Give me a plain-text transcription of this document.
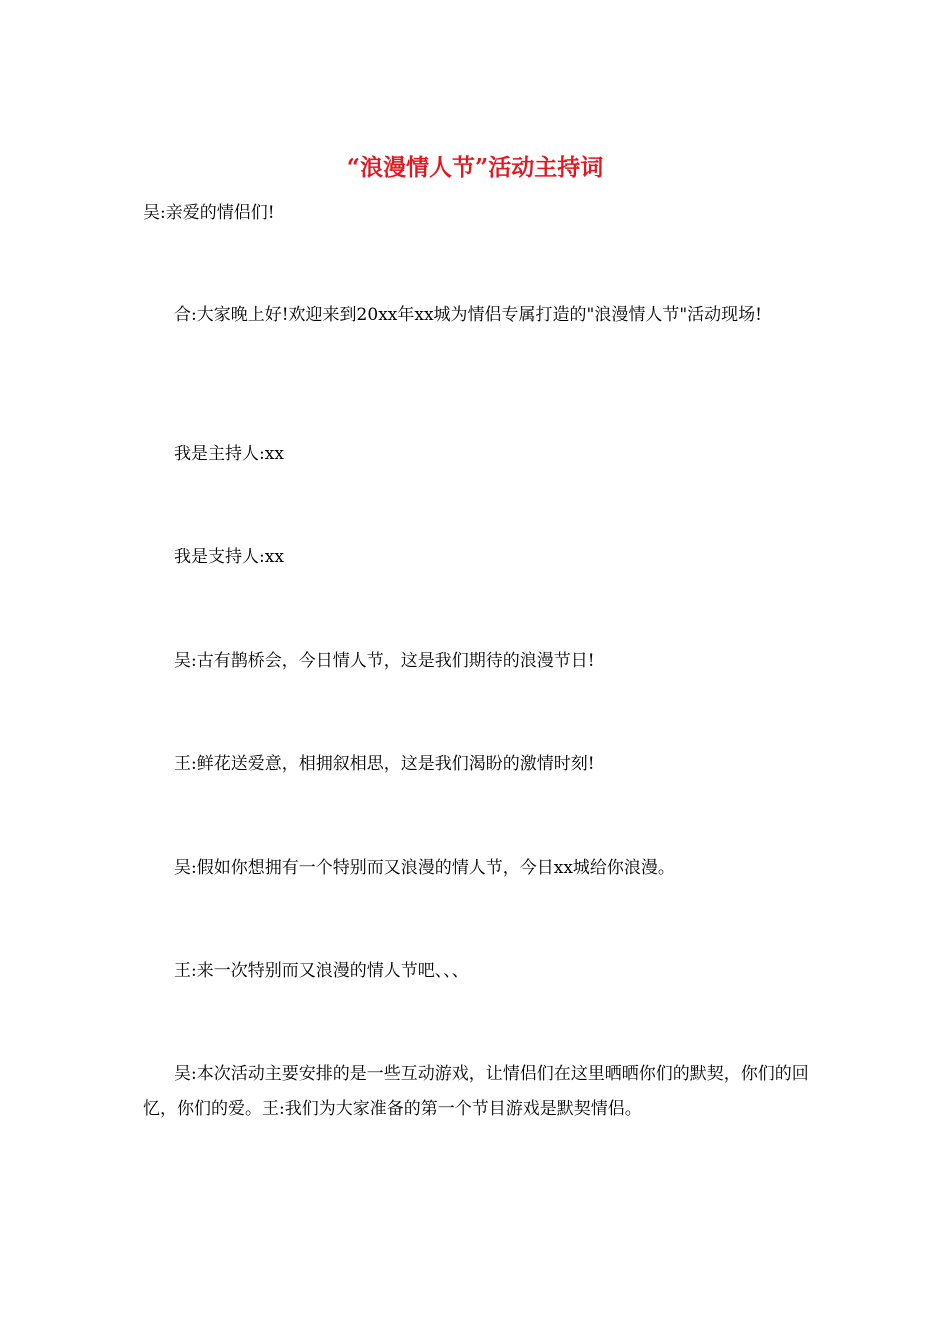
“浪漫情人节”活动主持词
吴:亲爱的情侣们!
合:大家晚上好!欢迎来到20xx年xx城为情侣专属打造的"浪漫情人节"活动现场!
我是主持人:xx
我是支持人:xx
吴:古有鹊桥会，今日情人节，这是我们期待的浪漫节日!
王:鲜花送爱意，相拥叙相思，这是我们渴盼的激情时刻!
吴:假如你想拥有一个特别而又浪漫的情人节，今日xx城给你浪漫。
王:来一次特别而又浪漫的情人节吧、、、
吴:本次活动主要安排的是一些互动游戏，让情侣们在这里晒晒你们的默契，你们的回忆，你们的爱。王:我们为大家准备的第一个节目游戏是默契情侣。
